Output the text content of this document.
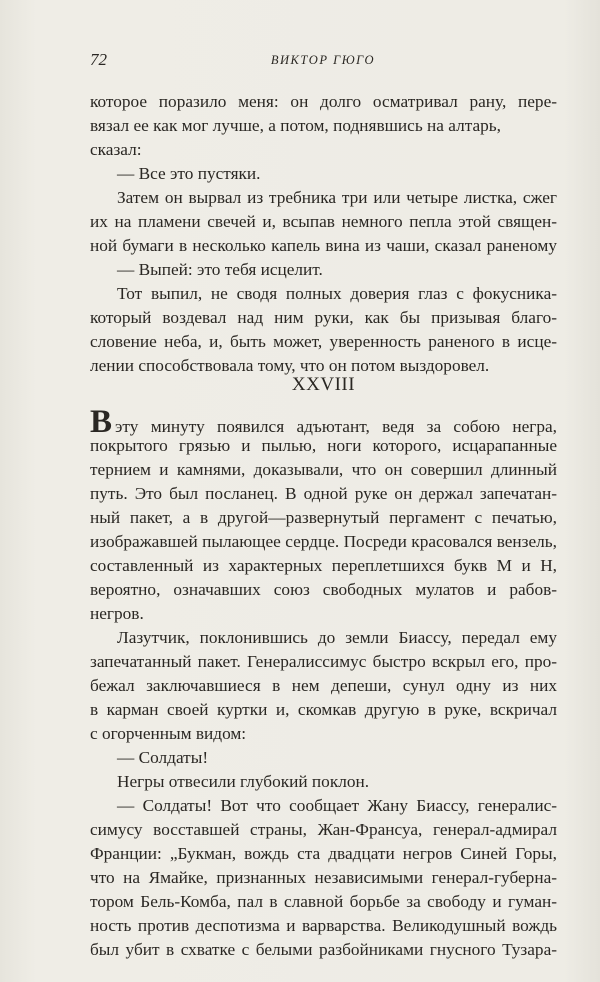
72	ВИКТОР ГЮГО
которое поразило меня: он долго осматривал рану, пере-
вязал ее как мог лучше, а потом, поднявшись на алтарь,
сказал:
— Все это пустяки.
Затем он вырвал из требника три или четыре листка, сжег
их на пламени свечей и, всыпав немного пепла этой священ-
ной бумаги в несколько капель вина из чаши, сказал раненому
— Выпей: это тебя исцелит.
Тот выпил, не сводя полных доверия глаз с фокусника-
который воздевал над ним руки, как бы призывая благо-
словение неба, и, быть может, уверенность раненого в исце-
лении способствовала тому, что он потом выздоровел.
XXVIII
Вэту минуту появился адъютант, ведя за собою негра,
покрытого грязью и пылью, ноги которого, исцарапанные
тернием и камнями, доказывали, что он совершил длинный
путь. Это был посланец. В одной руке он держал запечатан-
ный пакет, а в другой—развернутый пергамент с печатью,
изображавшей пылающее сердце. Посреди красовался вензель,
составленный из характерных переплетшихся букв М и Н,
вероятно, означавших союз свободных мулатов и рабов-
негров.
Лазутчик, поклонившись до земли Биассу, передал ему
запечатанный пакет. Генералиссимус быстро вскрыл его, про-
бежал заключавшиеся в нем депеши, сунул одну из них
в карман своей куртки и, скомкав другую в руке, вскричал
с огорченным видом:
— Солдаты!
Негры отвесили глубокий поклон.
— Солдаты! Вот что сообщает Жану Биассу, генералис-
симусу восставшей страны, Жан-Франсуа, генерал-адмирал
Франции: „Букман, вождь ста двадцати негров Синей Горы,
что на Ямайке, признанных независимыми генерал-губерна-
тором Бель-Комба, пал в славной борьбе за свободу и гуман-
ность против деспотизма и варварства. Великодушный вождь
был убит в схватке с белыми разбойниками гнусного Тузара-
